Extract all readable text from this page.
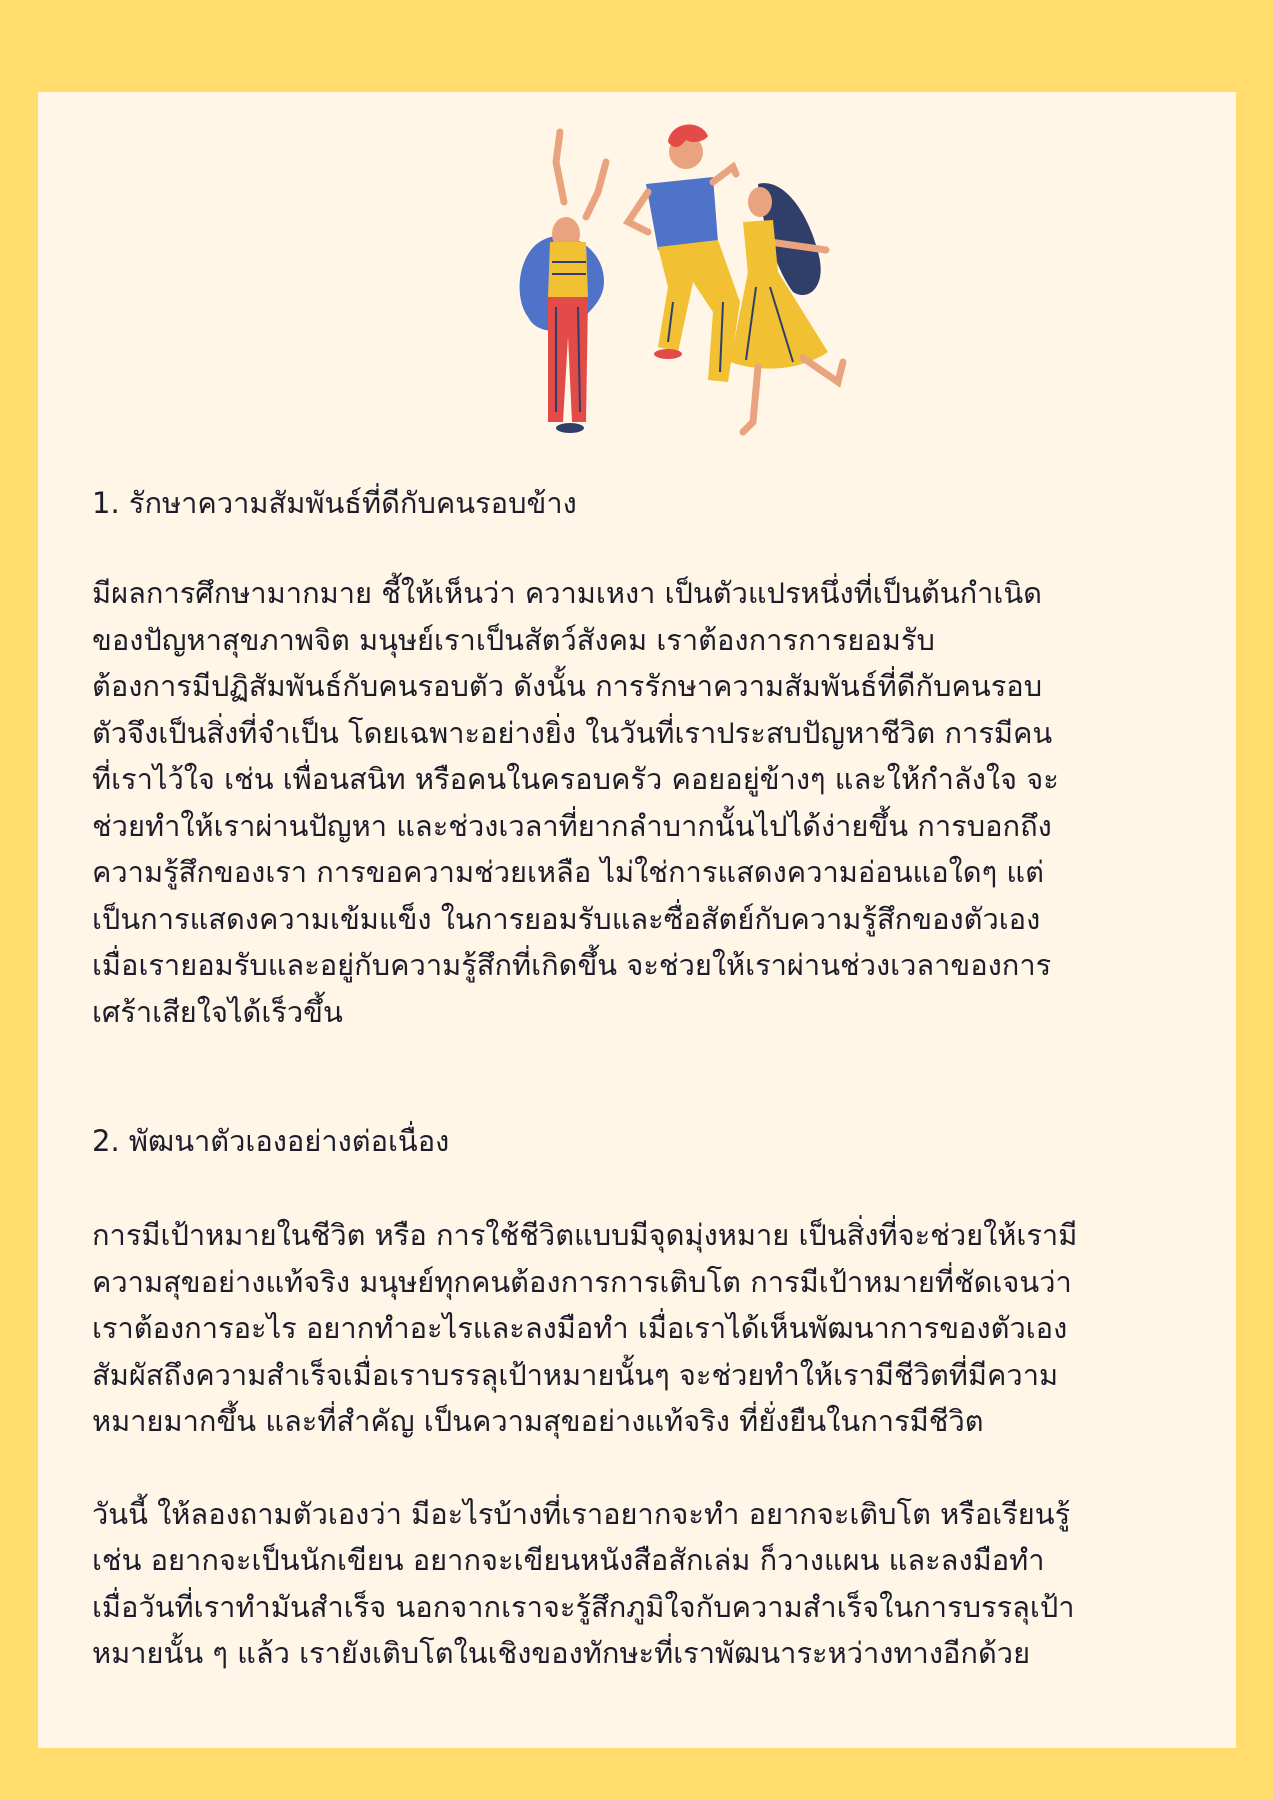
1. รักษาความสัมพันธ์ที่ดีกับคนรอบข้าง

มีผลการศึกษามากมาย ชี้ให้เห็นว่า ความเหงา เป็นตัวแปรหนึ่งที่เป็นต้นกำเนิด
ของปัญหาสุขภาพจิต มนุษย์เราเป็นสัตว์สังคม เราต้องการการยอมรับ
ต้องการมีปฏิสัมพันธ์กับคนรอบตัว ดังนั้น การรักษาความสัมพันธ์ที่ดีกับคนรอบ
ตัวจึงเป็นสิ่งที่จำเป็น โดยเฉพาะอย่างยิ่ง ในวันที่เราประสบปัญหาชีวิต การมีคน
ที่เราไว้ใจ เช่น เพื่อนสนิท หรือคนในครอบครัว คอยอยู่ข้างๆ และให้กำลังใจ จะ
ช่วยทำให้เราผ่านปัญหา และช่วงเวลาที่ยากลำบากนั้นไปได้ง่ายขึ้น การบอกถึง
ความรู้สึกของเรา การขอความช่วยเหลือ ไม่ใช่การแสดงความอ่อนแอใดๆ แต่
เป็นการแสดงความเข้มแข็ง ในการยอมรับและซื่อสัตย์กับความรู้สึกของตัวเอง
เมื่อเรายอมรับและอยู่กับความรู้สึกที่เกิดขึ้น จะช่วยให้เราผ่านช่วงเวลาของการ
เศร้าเสียใจได้เร็วขึ้น

2. พัฒนาตัวเองอย่างต่อเนื่อง

การมีเป้าหมายในชีวิต หรือ การใช้ชีวิตแบบมีจุดมุ่งหมาย เป็นสิ่งที่จะช่วยให้เรามี
ความสุขอย่างแท้จริง มนุษย์ทุกคนต้องการการเติบโต การมีเป้าหมายที่ชัดเจนว่า
เราต้องการอะไร อยากทำอะไรและลงมือทำ เมื่อเราได้เห็นพัฒนาการของตัวเอง
สัมผัสถึงความสำเร็จเมื่อเราบรรลุเป้าหมายนั้นๆ จะช่วยทำให้เรามีชีวิตที่มีความ
หมายมากขึ้น และที่สำคัญ เป็นความสุขอย่างแท้จริง ที่ยั่งยืนในการมีชีวิต

วันนี้ ให้ลองถามตัวเองว่า มีอะไรบ้างที่เราอยากจะทำ อยากจะเติบโต หรือเรียนรู้
เช่น อยากจะเป็นนักเขียน อยากจะเขียนหนังสือสักเล่ม ก็วางแผน และลงมือทำ
เมื่อวันที่เราทำมันสำเร็จ นอกจากเราจะรู้สึกภูมิใจกับความสำเร็จในการบรรลุเป้า
หมายนั้น ๆ แล้ว เรายังเติบโตในเชิงของทักษะที่เราพัฒนาระหว่างทางอีกด้วย
